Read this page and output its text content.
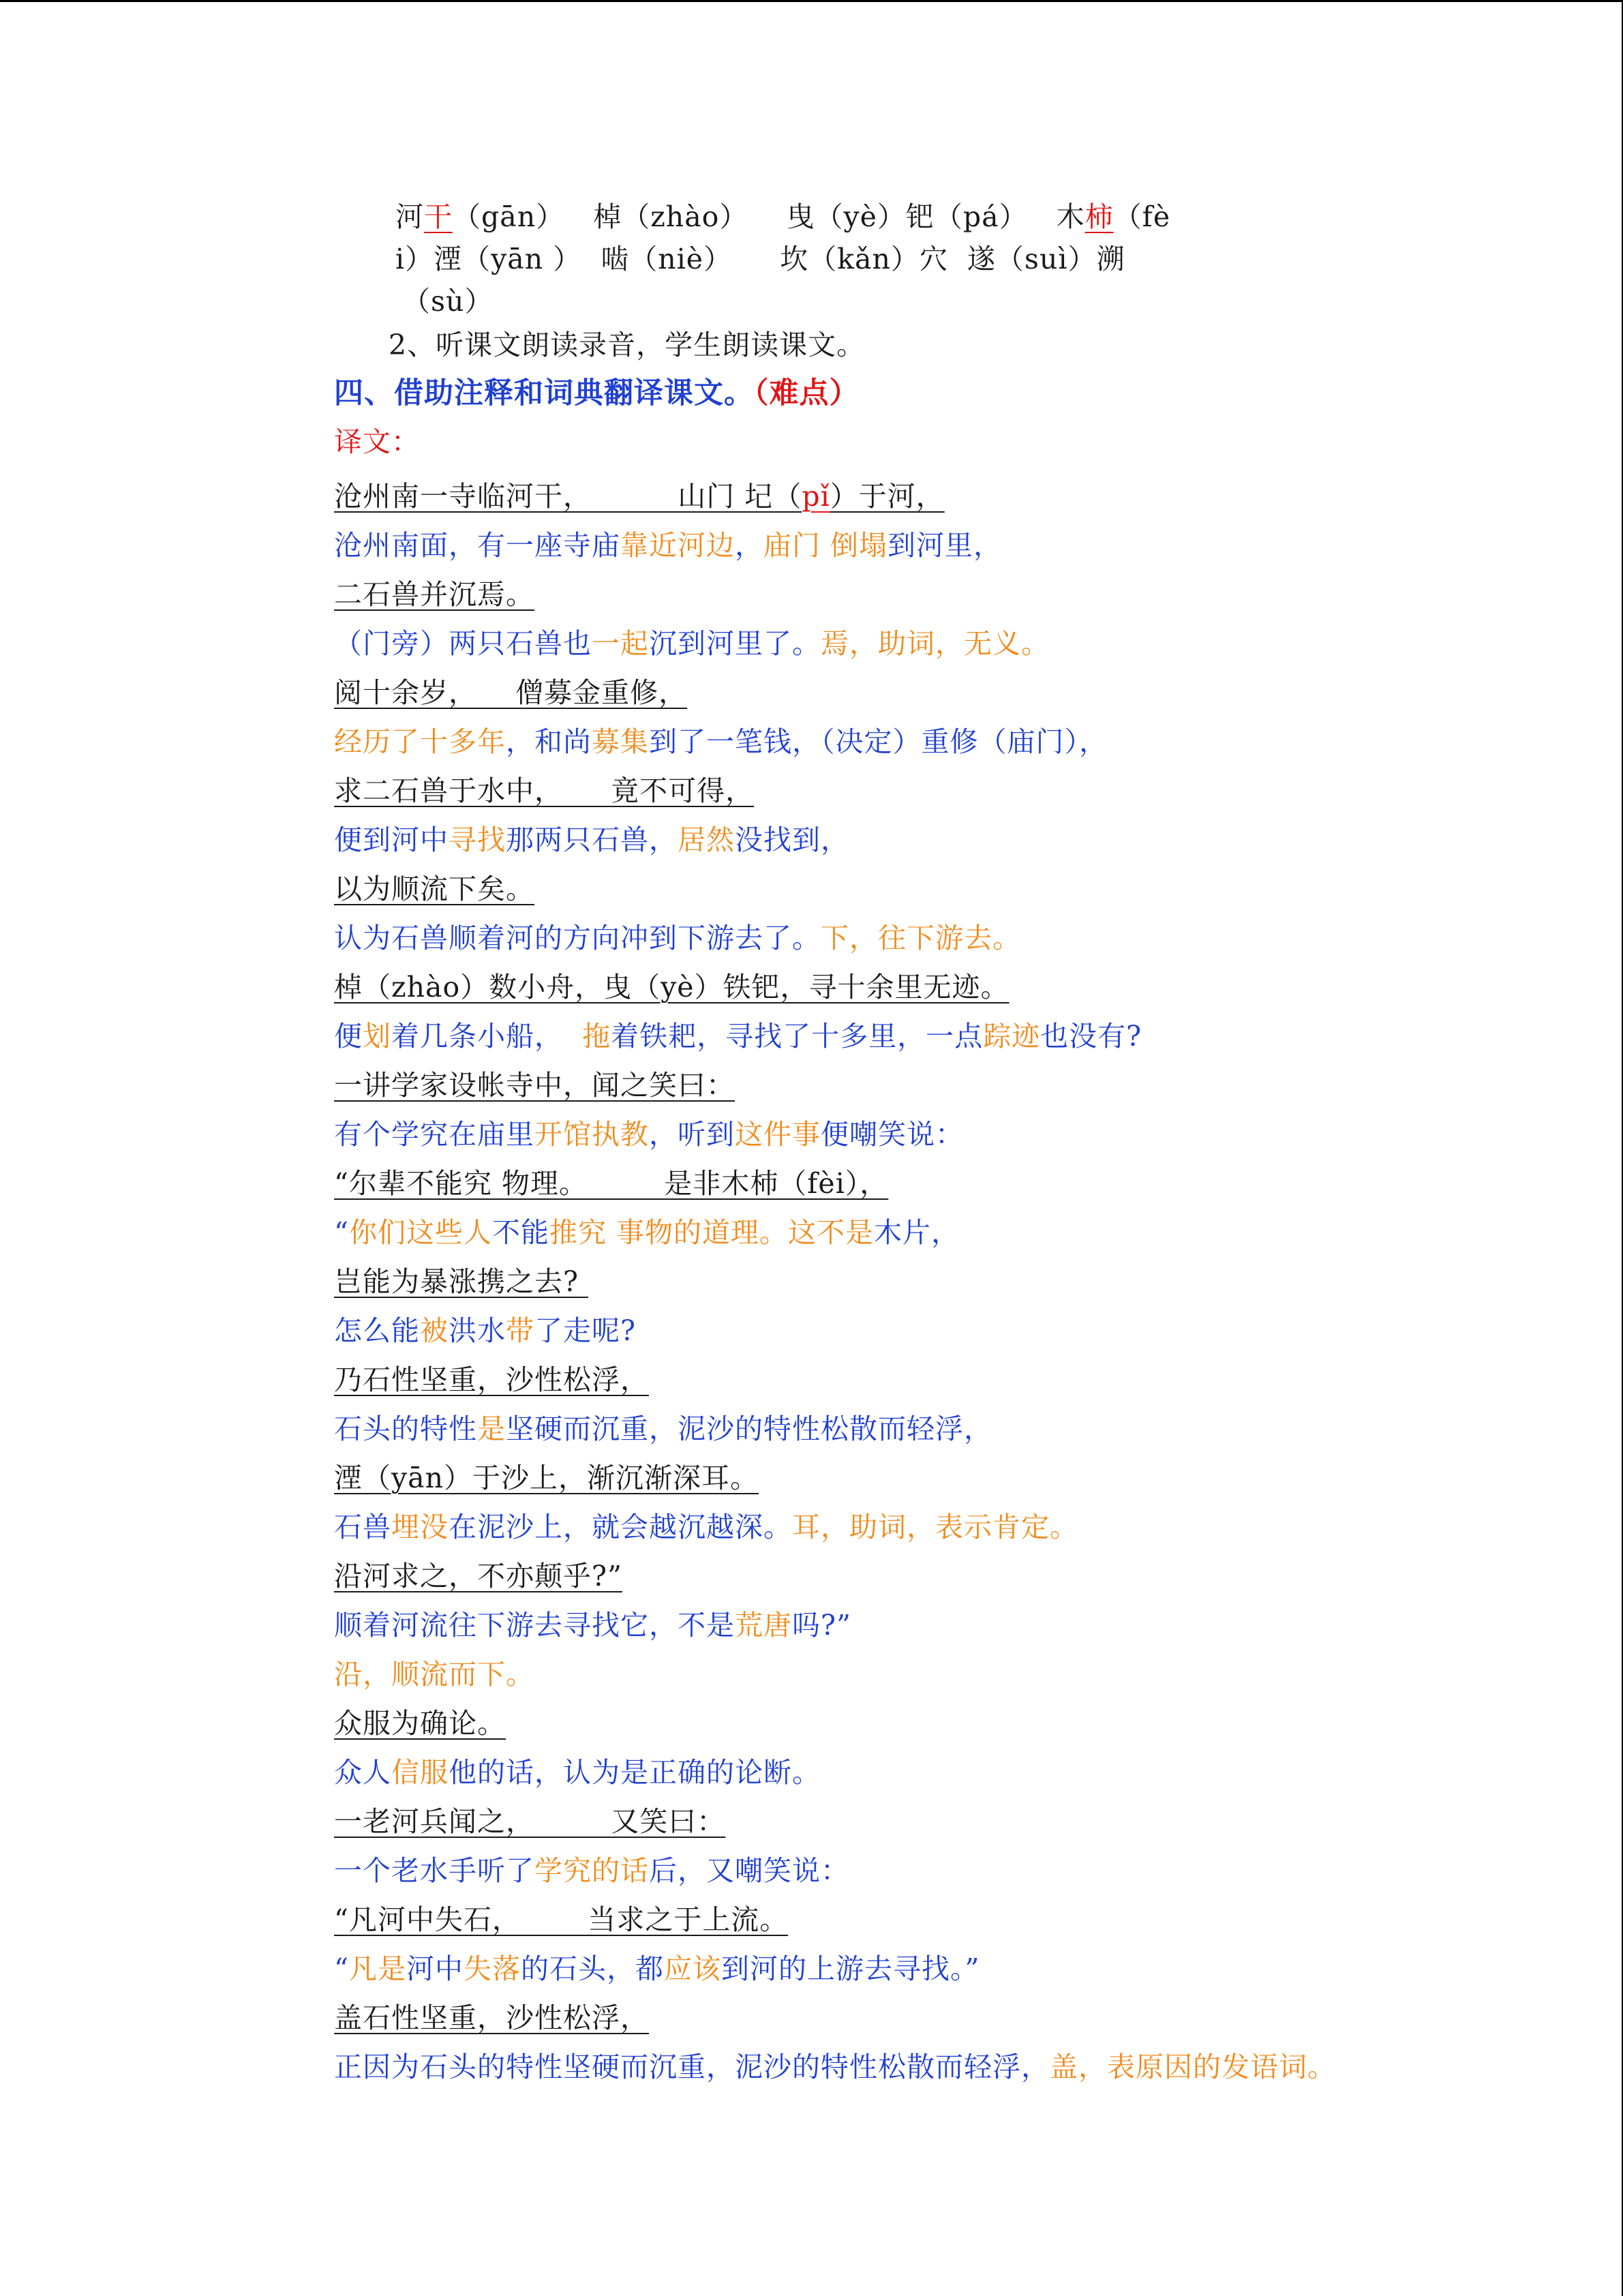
河干（gān）   棹（zhào）    曳（yè）钯（pá）   木柿（fè
i）湮（yān ）  啮（niè）     坎（kǎn）穴  遂（suì）溯
（sù）
2、听课文朗读录音，学生朗读课文。
四、借助注释和词典翻译课文。（难点）
译文：
沧州南一寺临河干，         山门 圮（pǐ）于河，
沧州南面，有一座寺庙靠近河边，庙门 倒塌到河里，
二石兽并沉焉。
（门旁）两只石兽也一起沉到河里了。焉，助词，无义。
阅十余岁，    僧募金重修，
经历了十多年，和尚募集到了一笔钱，（决定）重修（庙门），
求二石兽于水中，     竟不可得，
便到河中寻找那两只石兽，居然没找到，
以为顺流下矣。
认为石兽顺着河的方向冲到下游去了。下，往下游去。
棹（zhào）数小舟，曳（yè）铁钯，寻十余里无迹。
便划着几条小船，  拖着铁耙，寻找了十多里，一点踪迹也没有?
一讲学家设帐寺中，闻之笑曰：
有个学究在庙里开馆执教，听到这件事便嘲笑说：
“尔辈不能究 物理。        是非木杮（fèi），
“你们这些人不能推究 事物的道理。这不是木片，
岂能为暴涨携之去?
怎么能被洪水带了走呢?
乃石性坚重，沙性松浮，
石头的特性是坚硬而沉重，泥沙的特性松散而轻浮，
湮（yān）于沙上，渐沉渐深耳。
石兽埋没在泥沙上，就会越沉越深。耳，助词，表示肯定。
沿河求之，不亦颠乎?”
顺着河流往下游去寻找它，不是荒唐吗?”
沿，顺流而下。
众服为确论。
众人信服他的话，认为是正确的论断。
一老河兵闻之，        又笑曰：
一个老水手听了学究的话后，又嘲笑说：
“凡河中失石，       当求之于上流。
“凡是河中失落的石头，都应该到河的上游去寻找。”
盖石性坚重，沙性松浮，
正因为石头的特性坚硬而沉重，泥沙的特性松散而轻浮，盖，表原因的发语词。
